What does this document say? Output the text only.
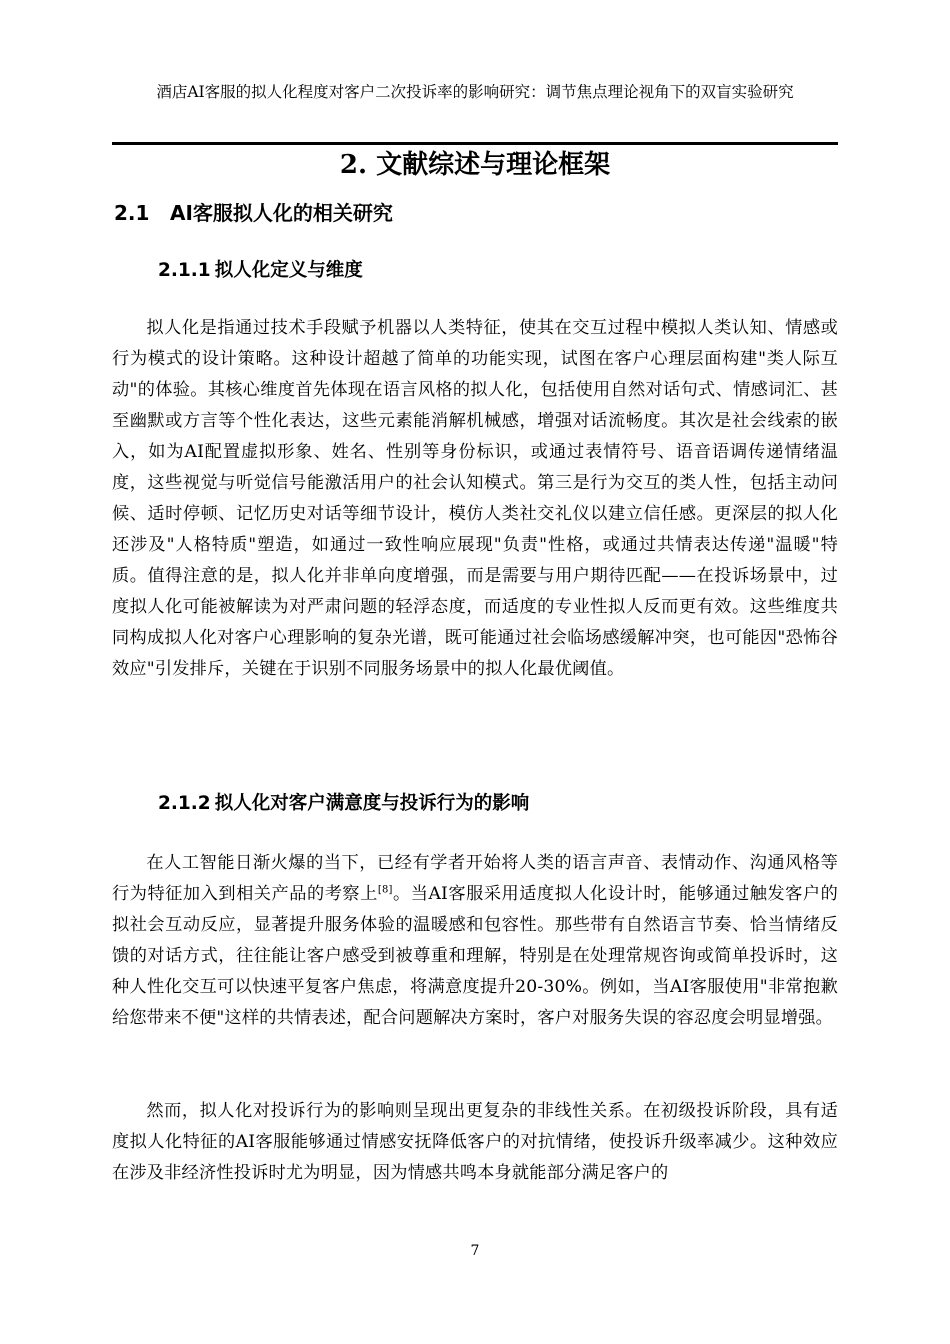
酒店AI客服的拟人化程度对客户二次投诉率的影响研究：调节焦点理论视角下的双盲实验研究
2. 文献综述与理论框架
2.1 AI客服拟人化的相关研究
2.1.1 拟人化定义与维度

拟人化是指通过技术手段赋予机器以人类特征，使其在交互过程中模拟人类认知、情感或行为模式的设计策略。这种设计超越了简单的功能实现，试图在客户心理层面构建"类人际互动"的体验。其核心维度首先体现在语言风格的拟人化，包括使用自然对话句式、情感词汇、甚至幽默或方言等个性化表达，这些元素能消解机械感，增强对话流畅度。其次是社会线索的嵌入，如为AI配置虚拟形象、姓名、性别等身份标识，或通过表情符号、语音语调传递情绪温度，这些视觉与听觉信号能激活用户的社会认知模式。第三是行为交互的类人性，包括主动问候、适时停顿、记忆历史对话等细节设计，模仿人类社交礼仪以建立信任感。更深层的拟人化还涉及"人格特质"塑造，如通过一致性响应展现"负责"性格，或通过共情表达传递"温暖"特质。值得注意的是，拟人化并非单向度增强，而是需要与用户期待匹配——在投诉场景中，过度拟人化可能被解读为对严肃问题的轻浮态度，而适度的专业性拟人反而更有效。这些维度共同构成拟人化对客户心理影响的复杂光谱，既可能通过社会临场感缓解冲突，也可能因"恐怖谷效应"引发排斥，关键在于识别不同服务场景中的拟人化最优阈值。

2.1.2 拟人化对客户满意度与投诉行为的影响

在人工智能日渐火爆的当下，已经有学者开始将人类的语言声音、表情动作、沟通风格等行为特征加入到相关产品的考察上[8]。当AI客服采用适度拟人化设计时，能够通过触发客户的拟社会互动反应，显著提升服务体验的温暖感和包容性。那些带有自然语言节奏、恰当情绪反馈的对话方式，往往能让客户感受到被尊重和理解，特别是在处理常规咨询或简单投诉时，这种人性化交互可以快速平复客户焦虑，将满意度提升20-30%。例如，当AI客服使用"非常抱歉给您带来不便"这样的共情表述，配合问题解决方案时，客户对服务失误的容忍度会明显增强。

然而，拟人化对投诉行为的影响则呈现出更复杂的非线性关系。在初级投诉阶段，具有适度拟人化特征的AI客服能够通过情感安抚降低客户的对抗情绪，使投诉升级率减少。这种效应在涉及非经济性投诉时尤为明显，因为情感共鸣本身就能部分满足客户的

7
